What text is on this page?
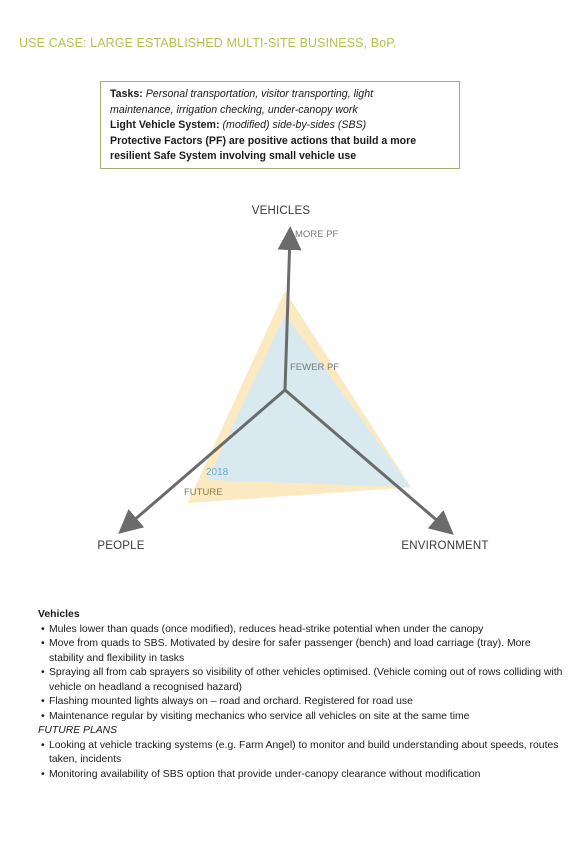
USE CASE: LARGE ESTABLISHED MULTI-SITE BUSINESS, BoP.
Tasks: Personal transportation, visitor transporting, light
maintenance, irrigation checking, under-canopy work
Light Vehicle System: (modified) side-by-sides (SBS)
Protective Factors (PF) are positive actions that build a more
resilient Safe System involving small vehicle use
VEHICLES
PEOPLE	ENVIRONMENT
MORE PF
FEWER PF
2018
FUTURE
Vehicles
• Mules lower than quads (once modified), reduces head-strike potential when under the canopy
• Move from quads to SBS. Motivated by desire for safer passenger (bench) and load carriage (tray). More stability and flexibility in tasks
• Spraying all from cab sprayers so visibility of other vehicles optimised. (Vehicle coming out of rows colliding with vehicle on headland a recognised hazard)
• Flashing mounted lights always on – road and orchard. Registered for road use
• Maintenance regular by visiting mechanics who service all vehicles on site at the same time
FUTURE PLANS
• Looking at vehicle tracking systems (e.g. Farm Angel) to monitor and build understanding about speeds, routes taken, incidents
• Monitoring availability of SBS option that provide under-canopy clearance without modification
